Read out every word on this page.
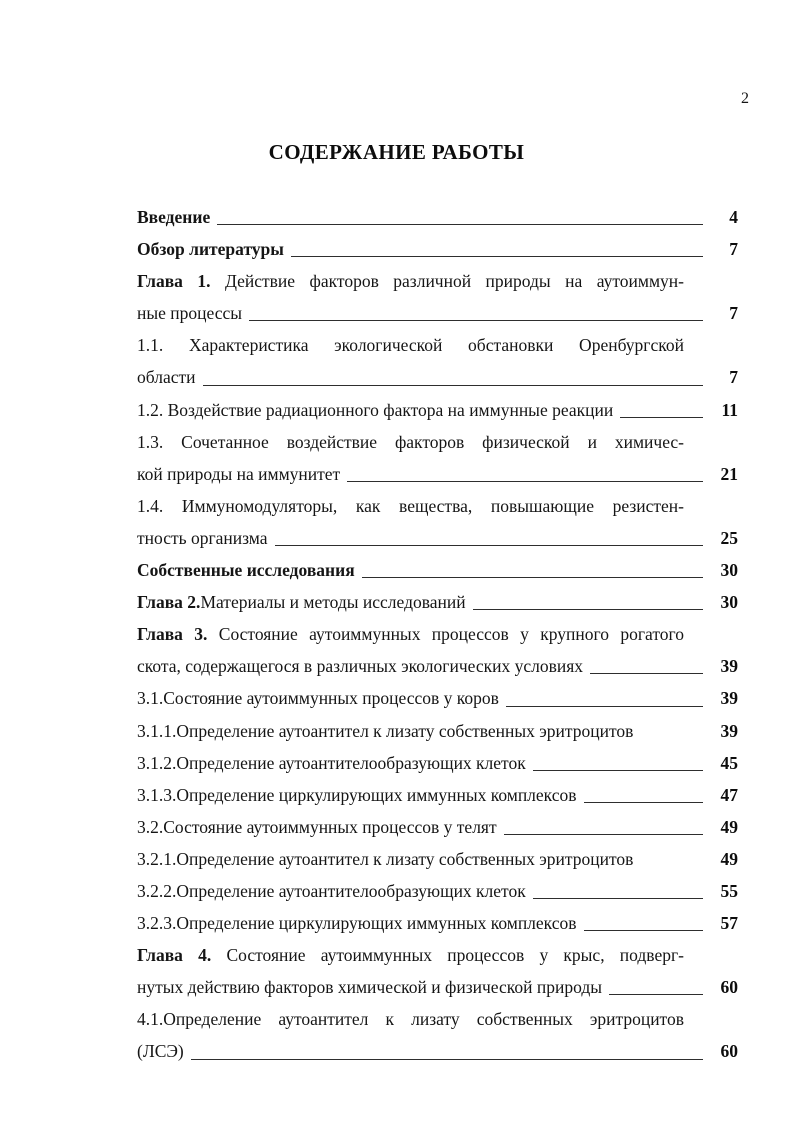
2
СОДЕРЖАНИЕ РАБОТЫ
Введение	4
Обзор литературы	7
Глава 1. Действие факторов различной природы на аутоиммун-
ные процессы	7
1.1. Характеристика экологической обстановки Оренбургской
области	7
1.2. Воздействие радиационного фактора на иммунные реакции	11
1.3. Сочетанное воздействие факторов физической и химичес-
кой природы на иммунитет	21
1.4. Иммуномодуляторы, как вещества, повышающие резистен-
тность организма	25
Собственные исследования	30
Глава 2. Материалы и методы исследований	30
Глава 3. Состояние аутоиммунных процессов у крупного рогатого
скота, содержащегося в различных экологических условиях	39
3.1.Состояние аутоиммунных процессов у коров	39
3.1.1.Определение аутоантител к лизату собственных эритроцитов	39
3.1.2.Определение аутоантителообразующих клеток	45
3.1.3.Определение циркулирующих иммунных комплексов	47
3.2.Состояние аутоиммунных процессов у телят	49
3.2.1.Определение аутоантител к лизату собственных эритроцитов	49
3.2.2.Определение аутоантителообразующих клеток	55
3.2.3.Определение циркулирующих иммунных комплексов	57
Глава 4. Состояние аутоиммунных процессов у крыс, подверг-
нутых действию факторов химической и физической природы	60
4.1.Определение аутоантител к лизату собственных эритроцитов
(ЛСЭ)	60
